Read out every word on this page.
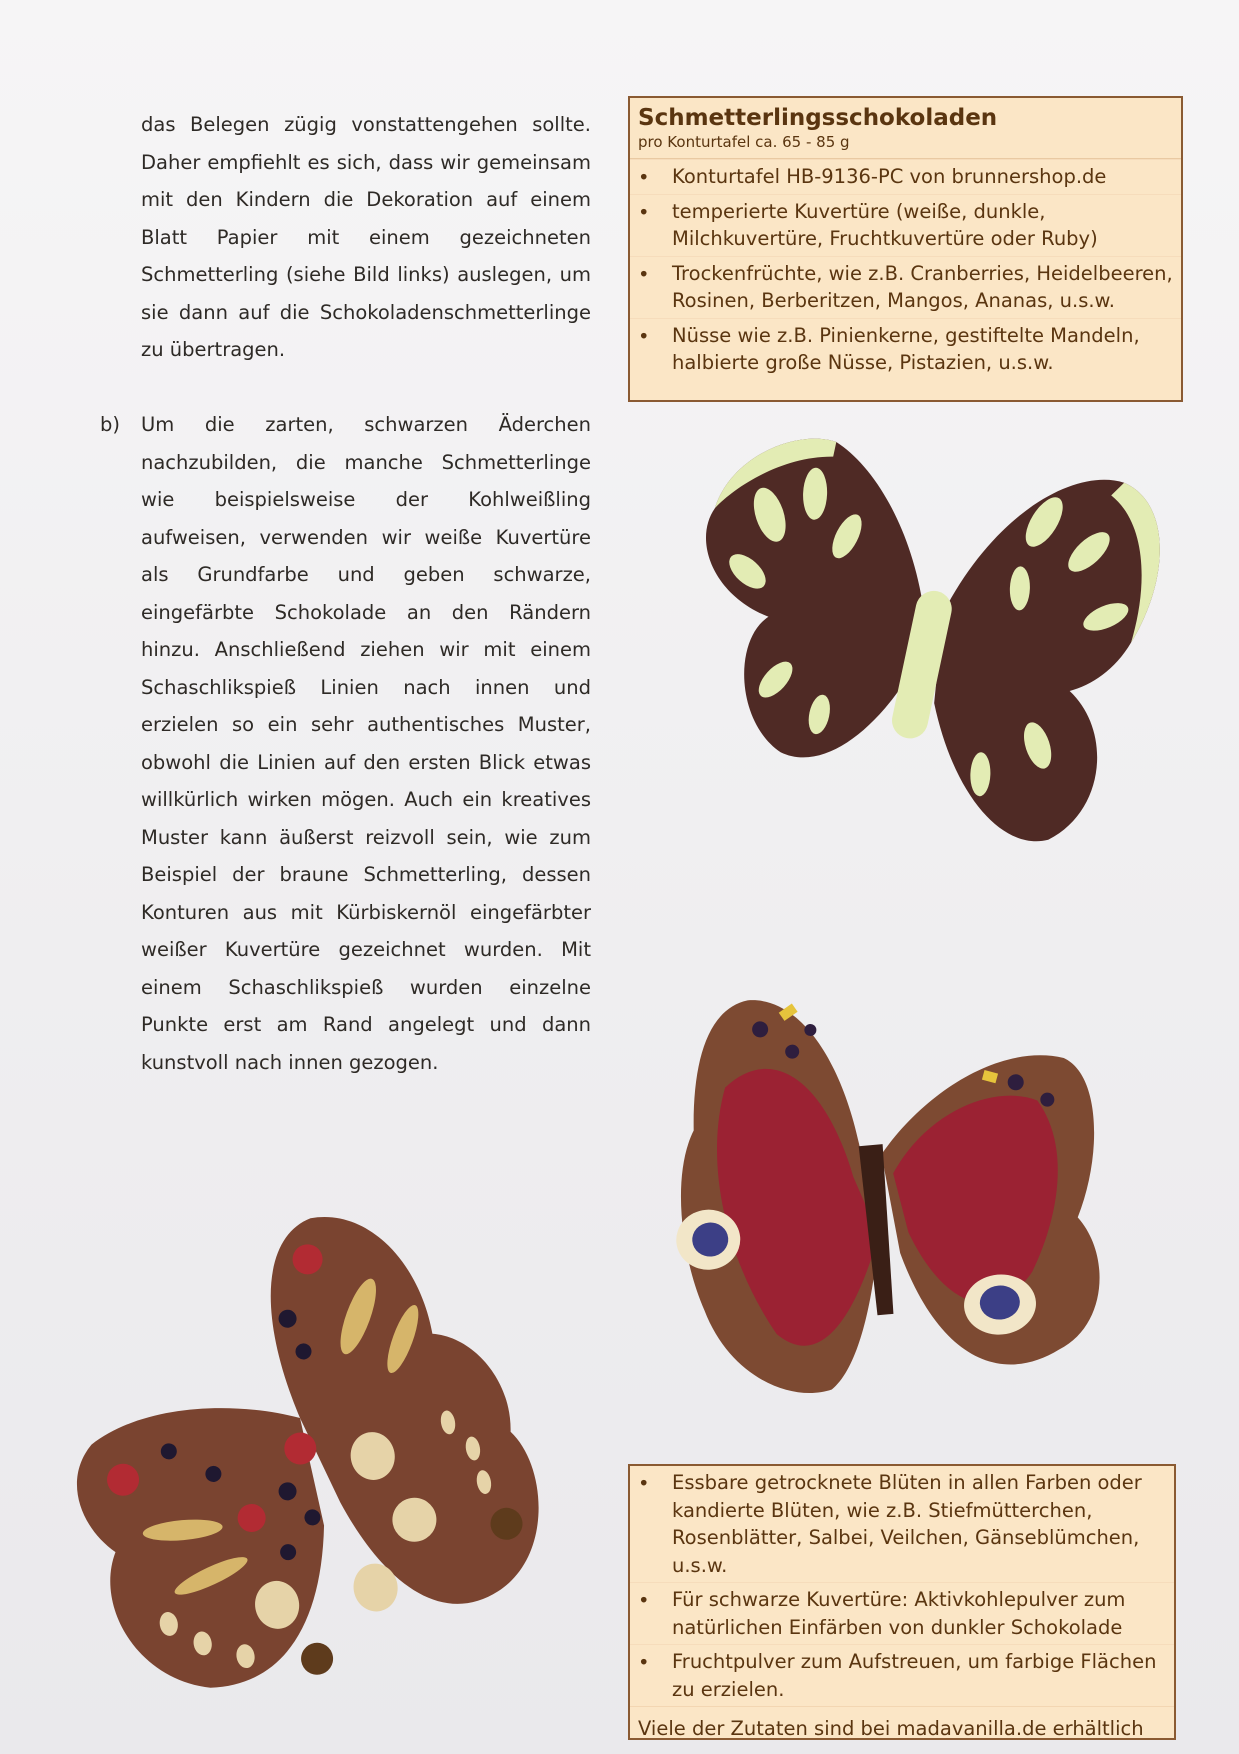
das Belegen zügig vonstattengehen sollte. Daher empfiehlt es sich, dass wir gemeinsam mit den Kindern die Dekoration auf einem Blatt Papier mit einem gezeichneten Schmetterling (siehe Bild links) auslegen, um sie dann auf die Schokoladenschmetterlinge zu übertragen.
b) Um die zarten, schwarzen Äderchen nachzubilden, die manche Schmetterlinge wie beispielsweise der Kohlweißling aufweisen, verwenden wir weiße Kuvertüre als Grundfarbe und geben schwarze, eingefärbte Schokolade an den Rändern hinzu. Anschließend ziehen wir mit einem Schaschlikspieß Linien nach innen und erzielen so ein sehr authentisches Muster, obwohl die Linien auf den ersten Blick etwas willkürlich wirken mögen. Auch ein kreatives Muster kann äußerst reizvoll sein, wie zum Beispiel der braune Schmetterling, dessen Konturen aus mit Kürbiskernöl eingefärbter weißer Kuvertüre gezeichnet wurden. Mit einem Schaschlikspieß wurden einzelne Punkte erst am Rand angelegt und dann kunstvoll nach innen gezogen.
Schmetterlingsschokoladen
pro Konturtafel ca. 65 - 85 g
• Konturtafel HB-9136-PC von brunnershop.de
• temperierte Kuvertüre (weiße, dunkle, Milchkuvertüre, Fruchtkuvertüre oder Ruby)
• Trockenfrüchte, wie z.B. Cranberries, Heidelbeeren, Rosinen, Berberitzen, Mangos, Ananas, u.s.w.
• Nüsse wie z.B. Pinienkerne, gestiftelte Mandeln, halbierte große Nüsse, Pistazien, u.s.w.
• Essbare getrocknete Blüten in allen Farben oder kandierte Blüten, wie z.B. Stiefmütterchen, Rosenblätter, Salbei, Veilchen, Gänseblümchen, u.s.w.
• Für schwarze Kuvertüre: Aktivkohlepulver zum natürlichen Einfärben von dunkler Schokolade
• Fruchtpulver zum Aufstreuen, um farbige Flächen zu erzielen.
Viele der Zutaten sind bei madavanilla.de erhältlich
